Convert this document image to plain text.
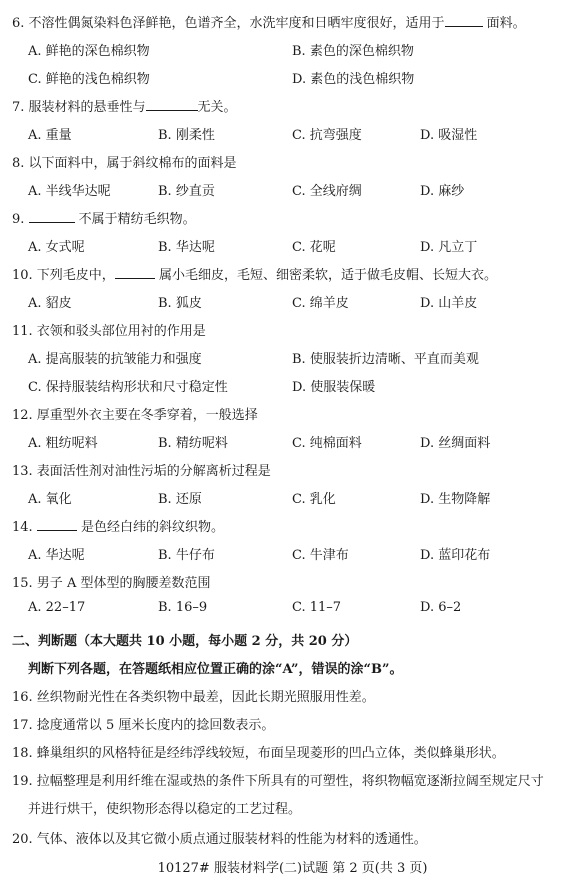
6. 不溶性偶氮染料色泽鲜艳，色谱齐全，水洗牢度和日晒牢度很好，适用于	面料。
A. 鲜艳的深色棉织物	B. 素色的深色棉织物
C. 鲜艳的浅色棉织物	D. 素色的浅色棉织物
7. 服装材料的悬垂性与	无关。
A. 重量	B. 刚柔性	C. 抗弯强度	D. 吸湿性
8. 以下面料中，属于斜纹棉布的面料是
A. 半线华达呢	B. 纱直贡	C. 全线府绸	D. 麻纱
9.	不属于精纺毛织物。
A. 女式呢	B. 华达呢	C. 花呢	D. 凡立丁
10. 下列毛皮中，	属小毛细皮，毛短、细密柔软，适于做毛皮帽、长短大衣。
A. 貂皮	B. 狐皮	C. 绵羊皮	D. 山羊皮
11. 衣领和驳头部位用衬的作用是
A. 提高服装的抗皱能力和强度	B. 使服装折边清晰、平直而美观
C. 保持服装结构形状和尺寸稳定性	D. 使服装保暖
12. 厚重型外衣主要在冬季穿着，一般选择
A. 粗纺呢料	B. 精纺呢料	C. 纯棉面料	D. 丝绸面料
13. 表面活性剂对油性污垢的分解离析过程是
A. 氧化	B. 还原	C. 乳化	D. 生物降解
14.	是色经白纬的斜纹织物。
A. 华达呢	B. 牛仔布	C. 牛津布	D. 蓝印花布
15. 男子 A 型体型的胸腰差数范围
A. 22–17	B. 16–9	C. 11–7	D. 6–2
二、判断题（本大题共 10 小题，每小题 2 分，共 20 分）
判断下列各题，在答题纸相应位置正确的涂“A”，错误的涂“B”。
16. 丝织物耐光性在各类织物中最差，因此长期光照服用性差。
17. 捻度通常以 5 厘米长度内的捻回数表示。
18. 蜂巢组织的风格特征是经纬浮线较短，布面呈现菱形的凹凸立体，类似蜂巢形状。
19. 拉幅整理是利用纤维在湿或热的条件下所具有的可塑性，将织物幅宽逐渐拉阔至规定尺寸
并进行烘干，使织物形态得以稳定的工艺过程。
20. 气体、液体以及其它微小质点通过服装材料的性能为材料的透通性。
10127# 服装材料学(二)试题 第 2 页(共 3 页)
